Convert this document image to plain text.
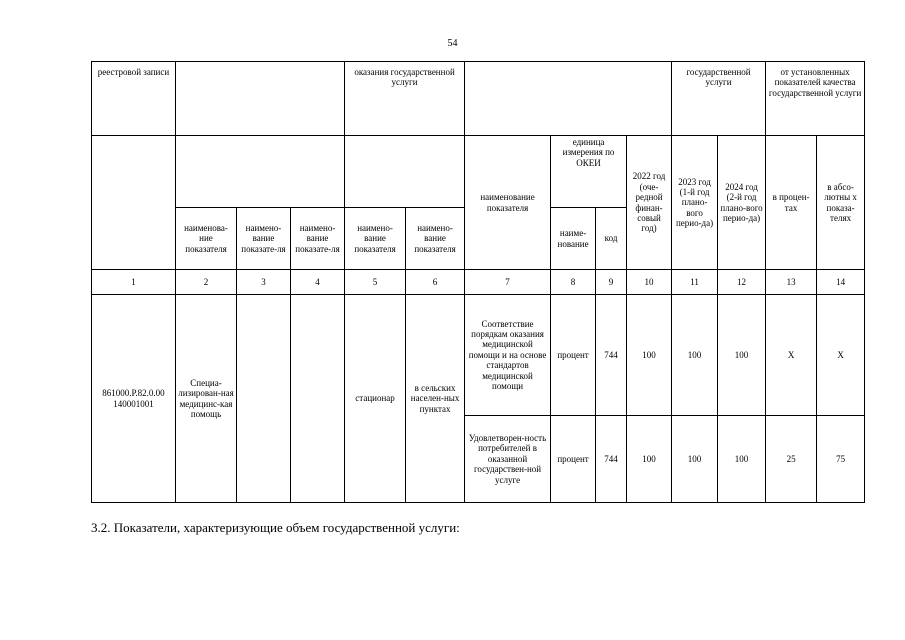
54
реестровой записи				оказания государственной услуги						государственной услуги		от установленных показателей качества государственной услуги	
						наименование показателя	единица измерения по ОКЕИ		2022 год (оче-редной финан-совый год)	2023 год (1-й год плано-вого перио-да)	2024 год (2-й год плано-вого перио-да)	в процен-тах	в абсо-лютны х показа-телях
	наименова-ние показателя	наимено-вание показате-ля	наимено-вание показате-ля	наимено-вание показателя	наимено-вание показателя		наиме-нование	код					
1	2	3	4	5	6	7	8	9	10	11	12	13	14
861000.Р.82.0.00 140001001	Специа-лизирован-ная медицинс-кая помощь			стационар	в сельских населен-ных пунктах	Соответствие порядкам оказания медицинской помощи и на основе стандартов медицинской помощи	процент	744	100	100	100	Х	Х
						Удовлетворен-ность потребителей в оказанной государствен-ной услуге	процент	744	100	100	100	25	75
3.2. Показатели, характеризующие объем государственной услуги:
